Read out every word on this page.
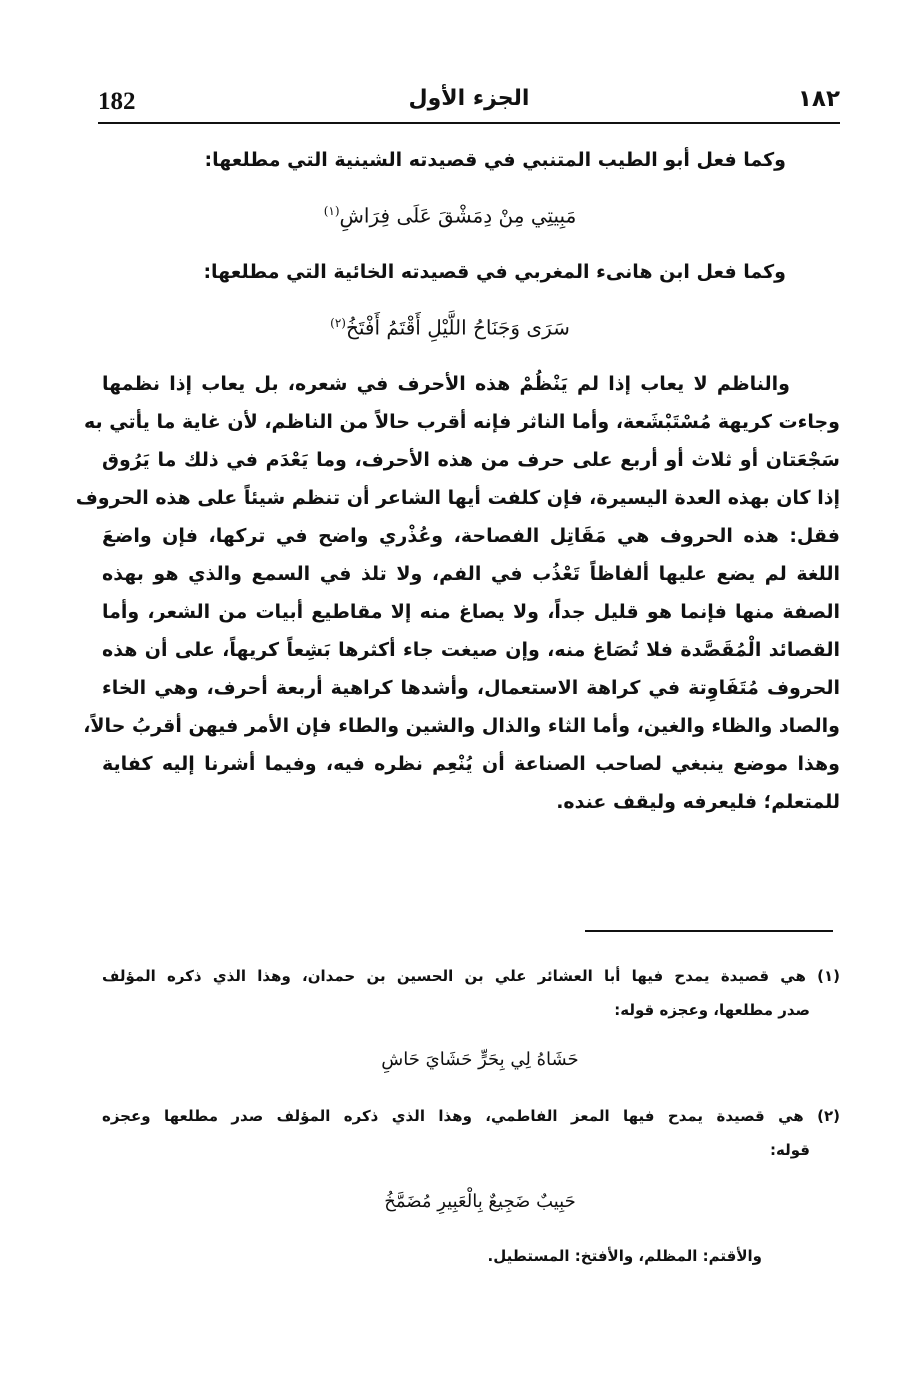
182	الجزء الأول	١٨٢
وكما فعل أبو الطيب المتنبي في قصيدته الشينية التي مطلعها:
مَبِيتِي مِنْ دِمَشْقَ عَلَى فِرَاشِ$^{(١)}$
وكما فعل ابن هانىء المغربي في قصيدته الخائية التي مطلعها:
سَرَى وَجَنَاحُ اللَّيْلِ أَقْتَمُ أَفْتَخُ$^{(٢)}$
والناظم لا يعاب إذا لم يَنْظُمْ هذه الأحرف في شعره، بل يعاب إذا نظمها
وجاءت كريهة مُسْتَبْشَعة، وأما الناثر فإنه أقرب حالاً من الناظم، لأن غاية ما يأتي به
سَجْعَتان أو ثلاث أو أربع على حرف من هذه الأحرف، وما يَعْدَم في ذلك ما يَرُوق
إذا كان بهذه العدة اليسيرة، فإن كلفت أيها الشاعر أن تنظم شيئاً على هذه الحروف
فقل: هذه الحروف هي مَقَاتِل الفصاحة، وعُذْري واضح في تركها، فإن واضعَ
اللغة لم يضع عليها ألفاظاً تَعْذُب في الفم، ولا تلذ في السمع والذي هو بهذه
الصفة منها فإنما هو قليل جداً، ولا يصاغ منه إلا مقاطيع أبيات من الشعر، وأما
القصائد الْمُقَصَّدة فلا تُصَاغ منه، وإن صيغت جاء أكثرها بَشِعاً كريهاً، على أن هذه
الحروف مُتَفَاوِتة في كراهة الاستعمال، وأشدها كراهية أربعة أحرف، وهي الخاء
والصاد والظاء والغين، وأما الثاء والذال والشين والطاء فإن الأمر فيهن أقربُ حالاً،
وهذا موضع ينبغي لصاحب الصناعة أن يُنْعِم نظره فيه، وفيما أشرنا إليه كفاية
للمتعلم؛ فليعرفه وليقف عنده.
(١) هي قصيدة يمدح فيها أبا العشائر علي بن الحسين بن حمدان، وهذا الذي ذكره المؤلف
صدر مطلعها، وعجزه قوله:
حَشَاهُ لِي بِحَرٍّ حَشَايَ حَاشِ
(٢) هي قصيدة يمدح فيها المعز الفاطمي، وهذا الذي ذكره المؤلف صدر مطلعها وعجزه
قوله:
حَبِيبٌ ضَجِيعٌ بِالْعَبِيرِ مُضَمَّخُ
والأقتم: المظلم، والأفتخ: المستطيل.
